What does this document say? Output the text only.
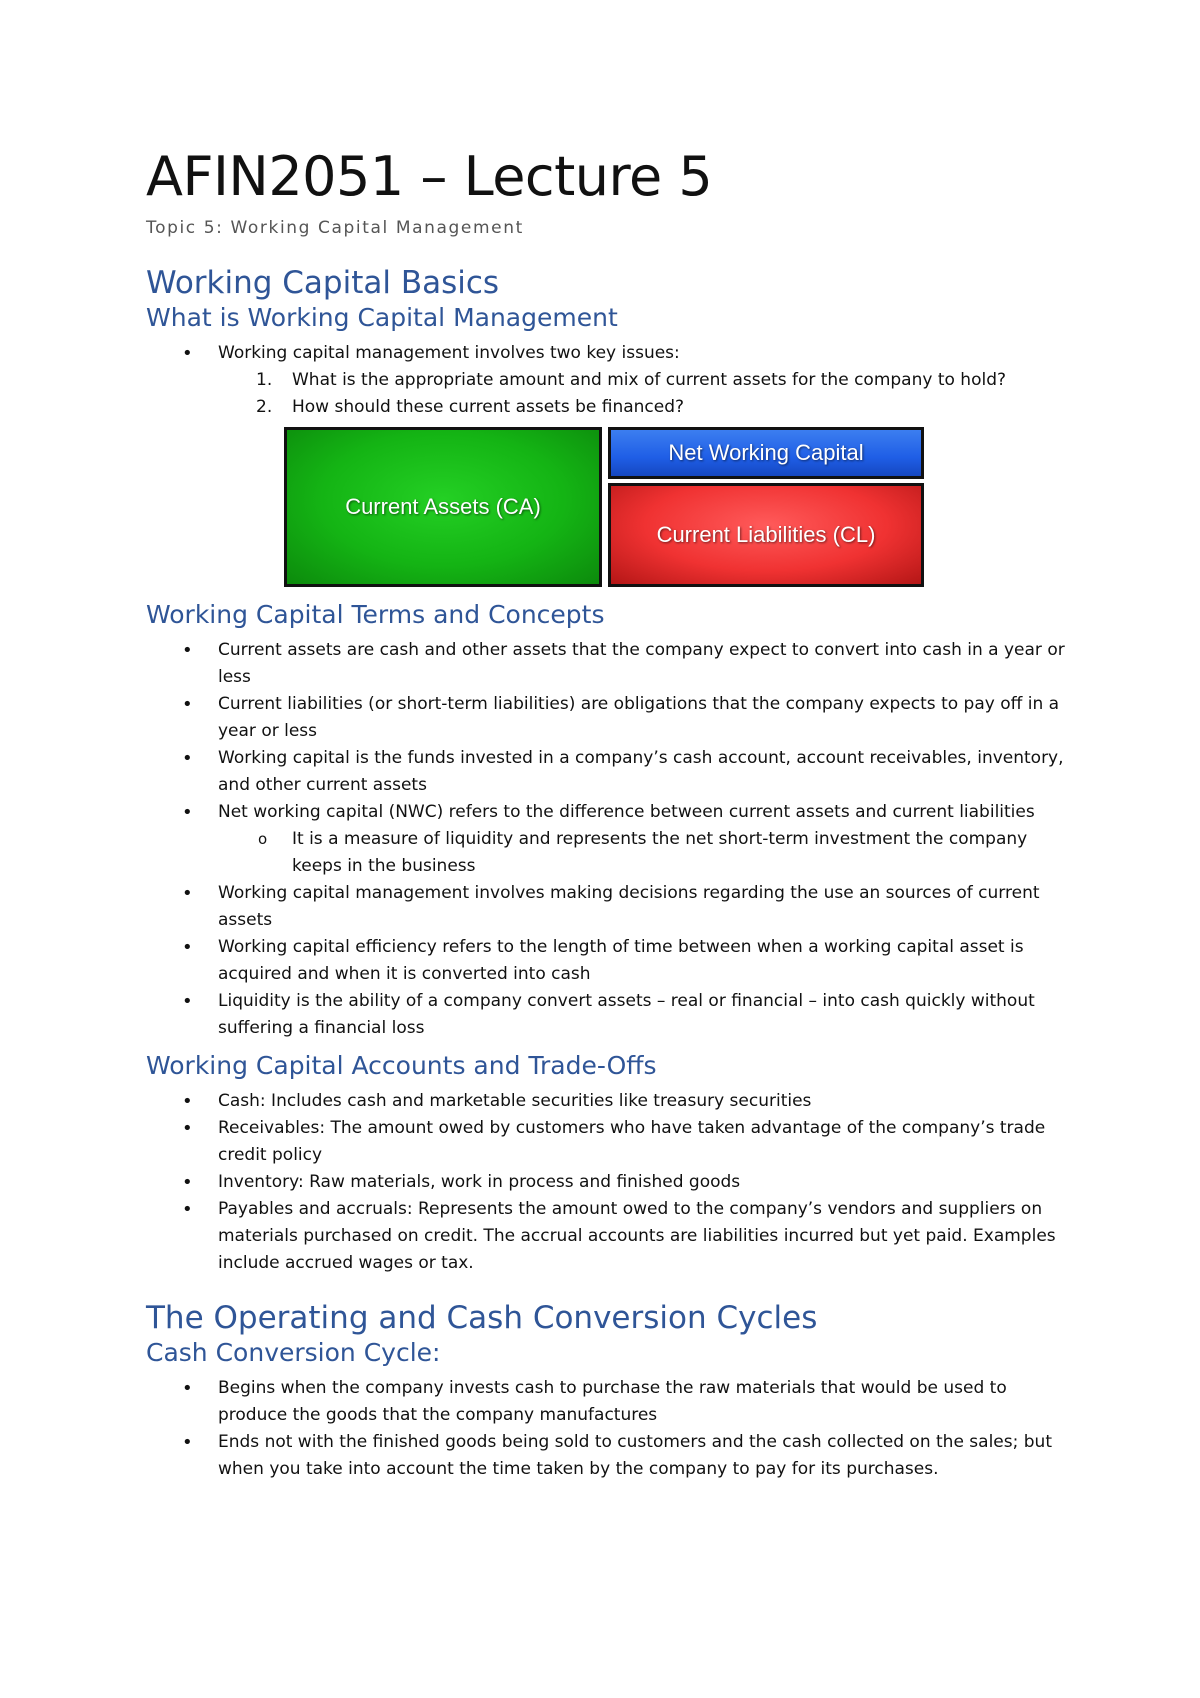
AFIN2051 – Lecture 5
Topic 5: Working Capital Management
Working Capital Basics
What is Working Capital Management
• Working capital management involves two key issues:
1. What is the appropriate amount and mix of current assets for the company to hold?
2. How should these current assets be financed?
Current Assets (CA)
Net Working Capital
Current Liabilities (CL)
Working Capital Terms and Concepts
• Current assets are cash and other assets that the company expect to convert into cash in a year or less
• Current liabilities (or short-term liabilities) are obligations that the company expects to pay off in a year or less
• Working capital is the funds invested in a company’s cash account, account receivables, inventory, and other current assets
• Net working capital (NWC) refers to the difference between current assets and current liabilities
o It is a measure of liquidity and represents the net short-term investment the company keeps in the business
• Working capital management involves making decisions regarding the use an sources of current assets
• Working capital efficiency refers to the length of time between when a working capital asset is acquired and when it is converted into cash
• Liquidity is the ability of a company convert assets – real or financial – into cash quickly without suffering a financial loss
Working Capital Accounts and Trade-Offs
• Cash: Includes cash and marketable securities like treasury securities
• Receivables: The amount owed by customers who have taken advantage of the company’s trade credit policy
• Inventory: Raw materials, work in process and finished goods
• Payables and accruals: Represents the amount owed to the company’s vendors and suppliers on materials purchased on credit. The accrual accounts are liabilities incurred but yet paid. Examples include accrued wages or tax.
The Operating and Cash Conversion Cycles
Cash Conversion Cycle:
• Begins when the company invests cash to purchase the raw materials that would be used to produce the goods that the company manufactures
• Ends not with the finished goods being sold to customers and the cash collected on the sales; but when you take into account the time taken by the company to pay for its purchases.
